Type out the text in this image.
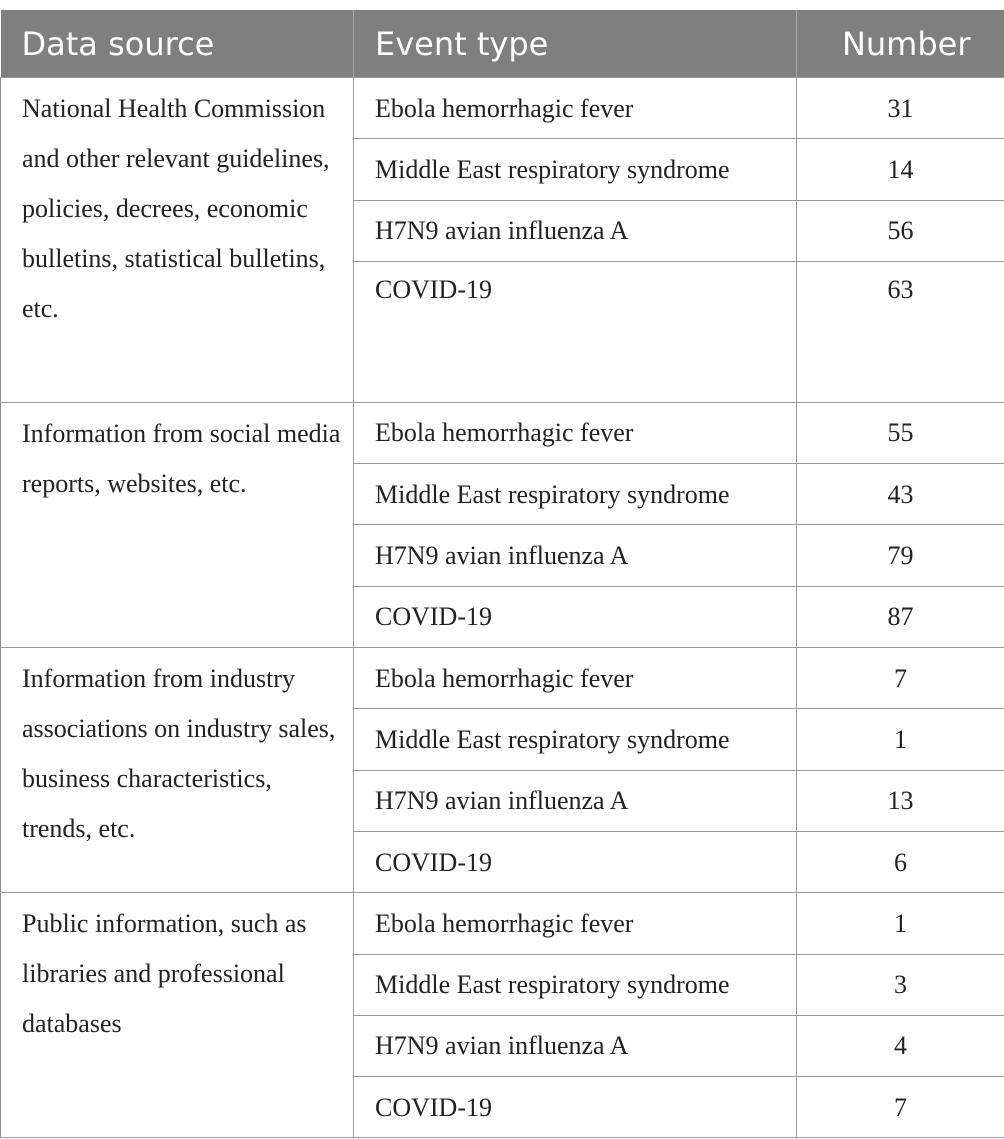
Data source	Event type	Number
National Health Commission and other relevant guidelines, policies, decrees, economic bulletins, statistical bulletins, etc.	Ebola hemorrhagic fever	31
	Middle East respiratory syndrome	14
	H7N9 avian influenza A	56
	COVID-19	63
Information from social media reports, websites, etc.	Ebola hemorrhagic fever	55
	Middle East respiratory syndrome	43
	H7N9 avian influenza A	79
	COVID-19	87
Information from industry associations on industry sales, business characteristics, trends, etc.	Ebola hemorrhagic fever	7
	Middle East respiratory syndrome	1
	H7N9 avian influenza A	13
	COVID-19	6
Public information, such as libraries and professional databases	Ebola hemorrhagic fever	1
	Middle East respiratory syndrome	3
	H7N9 avian influenza A	4
	COVID-19	7
